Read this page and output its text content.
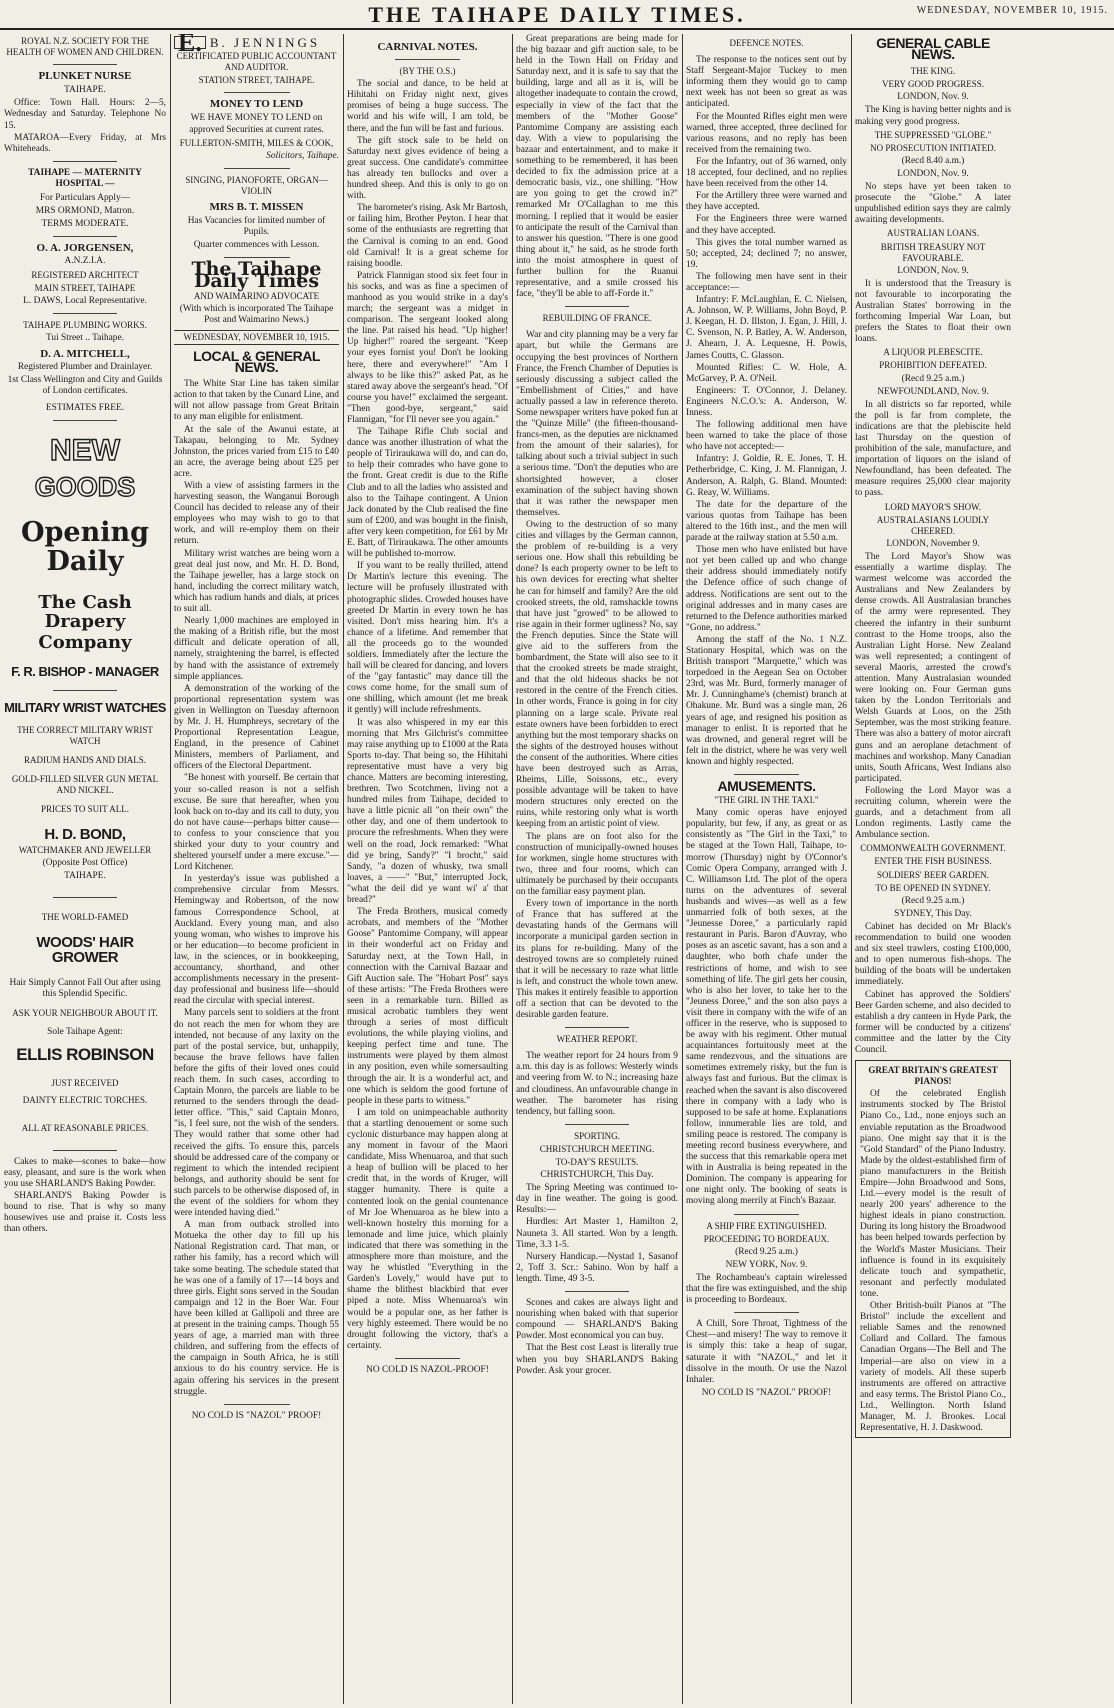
THE TAIHAPE DAILY TIMES.	WEDNESDAY, NOVEMBER 10, 1915.
ROYAL N.Z. SOCIETY FOR THE HEALTH OF WOMEN AND CHILDREN.
PLUNKET NURSE
TAIHAPE.

Office: Town Hall. Hours: 2—5, Wednesday and Saturday. Telephone No 15.

MATAROA—Every Friday, at Mrs Whiteheads.

TAIHAPE — MATERNITY HOSPITAL —
For Particulars Apply—
MRS ORMOND, Matron.
TERMS MODERATE.
O. A. JORGENSEN,
A.N.Z.I.A.
REGISTERED ARCHITECT
MAIN STREET, TAIHAPE
L. DAWS, Local Representative.
TAIHAPE PLUMBING WORKS.
Tui Street .. Taihape.
D. A. MITCHELL,
Registered Plumber and Drainlayer.
1st Class Wellington and City and Guilds of London certificates.
ESTIMATES FREE.
NEW
GOODS
Opening Daily
The Cash Drapery
Company
F. R. BISHOP - MANAGER
MILITARY WRIST WATCHES
THE CORRECT MILITARY WRIST WATCH
RADIUM HANDS AND DIALS.
GOLD-FILLED SILVER GUN METAL AND NICKEL.
PRICES TO SUIT ALL.
H. D. BOND,
WATCHMAKER AND JEWELLER
(Opposite Post Office)
TAIHAPE.
THE WORLD-FAMED
WOODS' HAIR GROWER
Hair Simply Cannot Fall Out after using this Splendid Specific.
ASK YOUR NEIGHBOUR ABOUT IT.
Sole Taihape Agent:
ELLIS ROBINSON
JUST RECEIVED
DAINTY ELECTRIC TORCHES.
ALL AT REASONABLE PRICES.

Cakes to make—scones to bake—how easy, pleasant, and sure is the work when you use SHARLAND'S Baking Powder.

SHARLAND'S Baking Powder is bound to rise. That is why so many housewives use and praise it. Costs less than others.

E. B. JENNINGS
CERTIFICATED PUBLIC ACCOUNTANT AND AUDITOR.
STATION STREET, TAIHAPE.
MONEY TO LEND
WE HAVE MONEY TO LEND on approved Securities at current rates.
FULLERTON-SMITH, MILES & COOK,
Solicitors, Taihape.
SINGING, PIANOFORTE, ORGAN—VIOLIN
MRS B. T. MISSEN
Has Vacancies for limited number of Pupils.
Quarter commences with Lesson.
The Taihape Daily Times
AND WAIMARINO ADVOCATE
(With which is incorporated The Taihape Post and Waimarino News.)
WEDNESDAY, NOVEMBER 10, 1915.
LOCAL & GENERAL NEWS.

The White Star Line has taken similar action to that taken by the Cunard Line, and will not allow passage from Great Britain to any man eligible for enlistment.

At the sale of the Awanui estate, at Takapau, belonging to Mr. Sydney Johnston, the prices varied from £15 to £40 an acre, the average being about £25 per acre.

With a view of assisting farmers in the harvesting season, the Wanganui Borough Council has decided to release any of their employees who may wish to go to that work, and will re-employ them on their return.

Military wrist watches are being worn a great deal just now, and Mr. H. D. Bond, the Taihape jeweller, has a large stock on hand, including the correct military watch, which has radium hands and dials, at prices to suit all.

Nearly 1,000 machines are employed in the making of a British rifle, but the most difficult and delicate operation of all, namely, straightening the barrel, is effected by hand with the assistance of extremely simple appliances.

A demonstration of the working of the proportional representation system was given in Wellington on Tuesday afternoon by Mr. J. H. Humphreys, secretary of the Proportional Representation League, England, in the presence of Cabinet Ministers, members of Parliament, and officers of the Electoral Department.

"Be honest with yourself. Be certain that your so-called reason is not a selfish excuse. Be sure that hereafter, when you look back on to-day and its call to duty, you do not have cause—perhaps bitter cause—to confess to your conscience that you shirked your duty to your country and sheltered yourself under a mere excuse."—Lord Kitchener.

In yesterday's issue was published a comprehensive circular from Messrs. Hemingway and Robertson, of the now famous Correspondence School, at Auckland. Every young man, and also young woman, who wishes to improve his or her education—to become proficient in law, in the sciences, or in bookkeeping, accountancy, shorthand, and other accomplishments necessary in the present-day professional and business life—should read the circular with special interest.

Many parcels sent to soldiers at the front do not reach the men for whom they are intended, not because of any laxity on the part of the postal service, but, unhappily, because the brave fellows have fallen before the gifts of their loved ones could reach them. In such cases, according to Captain Monro, the parcels are liable to be returned to the senders through the dead-letter office. "This," said Captain Monro, "is, I feel sure, not the wish of the senders. They would rather that some other had received the gifts. To ensure this, parcels should be addressed care of the company or regiment to which the intended recipient belongs, and authority should be sent for such parcels to be otherwise disposed of, in the event of the soldiers for whom they were intended having died."

A man from outback strolled into Motueka the other day to fill up his National Registration card. That man, or rather his family, has a record which will take some beating. The schedule stated that he was one of a family of 17—14 boys and three girls. Eight sons served in the Soudan campaign and 12 in the Boer War. Four have been killed at Gallipoli and three are at present in the training camps. Though 55 years of age, a married man with three children, and suffering from the effects of the campaign in South Africa, he is still anxious to do his country service. He is again offering his services in the present struggle.

NO COLD IS "NAZOL" PROOF!
CARNIVAL NOTES.
(BY THE O.S.)

The social and dance, to be held at Hihitahi on Friday night next, gives promises of being a huge success. The world and his wife will, I am told, be there, and the fun will be fast and furious.

The gift stock sale to be held on Saturday next gives evidence of being a great success. One candidate's committee has already ten bullocks and over a hundred sheep. And this is only to go on with.

The barometer's rising. Ask Mr Bartosh, or failing him, Brother Peyton. I hear that some of the enthusiasts are regretting that the Carnival is coming to an end. Good old Carnival! It is a great scheme for raising boodle.

Patrick Flannigan stood six feet four in his socks, and was as fine a specimen of manhood as you would strike in a day's march; the sergeant was a midget in comparison. The sergeant looked along the line. Pat raised his head. "Up higher! Up higher!" roared the sergeant. "Keep your eyes fornist you! Don't be looking here, there and everywhere!" "Am I always to be like this?" asked Pat, as he stared away above the sergeant's head. "Of course you have!" exclaimed the sergeant. "Then good-bye, sergeant," said Flannigan, "for I'll never see you again."

The Taihape Rifle Club social and dance was another illustration of what the people of Tiriraukawa will do, and can do, to help their comrades who have gone to the front. Great credit is due to the Rifle Club and to all the ladies who assisted and also to the Taihape contingent. A Union Jack donated by the Club realised the fine sum of £200, and was bought in the finish, after very keen competition, for £61 by Mr E. Batt, of Tiriraukawa. The other amounts will be published to-morrow.

If you want to be really thrilled, attend Dr Martin's lecture this evening. The lecture will be profusely illustrated with photographic slides. Crowded houses have greeted Dr Martin in every town he has visited. Don't miss hearing him. It's a chance of a lifetime. And remember that all the proceeds go to the wounded soldiers. Immediately after the lecture the hall will be cleared for dancing, and lovers of the "gay fantastic" may dance till the cows come home, for the small sum of one shilling, which amount (let me break it gently) will include refreshments.

It was also whispered in my ear this morning that Mrs Gilchrist's committee may raise anything up to £1000 at the Rata Sports to-day. That being so, the Hihitahi representative must have a very big chance. Matters are becoming interesting, brethren. Two Scotchmen, living not a hundred miles from Taihape, decided to have a little picnic all "on their own" the other day, and one of them undertook to procure the refreshments. When they were well on the road, Jock remarked: "What did ye bring, Sandy?" "I brocht," said Sandy, "a dozen of whusky, twa small loaves, a ——" "But," interrupted Jock, "what the deil did ye want wi' a' that bread?"

The Freda Brothers, musical comedy acrobats, and members of the "Mother Goose" Pantomime Company, will appear in their wonderful act on Friday and Saturday next, at the Town Hall, in connection with the Carnival Bazaar and Gift Auction sale. The "Hobart Post" says of these artists: "The Freda Brothers were seen in a remarkable turn. Billed as musical acrobatic tumblers they went through a series of most difficult evolutions, the while playing violins, and keeping perfect time and tune. The instruments were played by them almost in any position, even while somersaulting through the air. It is a wonderful act, and one which is seldom the good fortune of people in these parts to witness."

I am told on unimpeachable authority that a startling denouement or some such cyclonic disturbance may happen along at any moment in favour of the Maori candidate, Miss Whenuaroa, and that such a heap of bullion will be placed to her credit that, in the words of Kruger, will stagger humanity. There is quite a contented look on the genial countenance of Mr Joe Whenuaroa as he blew into a well-known hostelry this morning for a lemonade and lime juice, which plainly indicated that there was something in the atmosphere more than moisture, and the way he whistled "Everything in the Garden's Lovely," would have put to shame the blithest blackbird that ever piped a note. Miss Whenuaroa's win would be a popular one, as her father is very highly esteemed. There would be no drought following the victory, that's a certainty.

NO COLD IS NAZOL-PROOF!

Great preparations are being made for the big bazaar and gift auction sale, to be held in the Town Hall on Friday and Saturday next, and it is safe to say that the building, large and all as it is, will be altogether inadequate to contain the crowd, especially in view of the fact that the members of the "Mother Goose" Pantomime Company are assisting each day. With a view to popularising the bazaar and entertainment, and to make it something to be remembered, it has been decided to fix the admission price at a democratic basis, viz., one shilling. "How are you going to get the crowd in?" remarked Mr O'Callaghan to me this morning. I replied that it would be easier to anticipate the result of the Carnival than to answer his question. "There is one good thing about it," he said, as he strode forth into the moist atmosphere in quest of further bullion for the Ruanui representative, and a smile crossed his face, "they'll be able to aff-Forde it."

REBUILDING OF FRANCE.

War and city planning may be a very far apart, but while the Germans are occupying the best provinces of Northern France, the French Chamber of Deputies is seriously discussing a subject called the "Embellishment of Cities," and have actually passed a law in reference thereto. Some newspaper writers have poked fun at the "Quinze Mille" (the fifteen-thousand-francs-men, as the deputies are nicknamed from the amount of their salaries), for talking about such a trivial subject in such a serious time. "Don't the deputies who are shortsighted however, a closer examination of the subject having shown that it was rather the newspaper men themselves.

Owing to the destruction of so many cities and villages by the German cannon, the problem of re-building is a very serious one. How shall this rebuilding be done? Is each property owner to be left to his own devices for erecting what shelter he can for himself and family? Are the old crooked streets, the old, ramshackle towns that have just "growed" to be allowed to rise again in their former ugliness? No, say the French deputies. Since the State will give aid to the sufferers from the bombardment, the State will also see to it that the crooked streets be made straight, and that the old hideous shacks be not restored in the centre of the French cities. In other words, France is going in for city planning on a large scale. Private real estate owners have been forbidden to erect anything but the most temporary shacks on the sights of the destroyed houses without the consent of the authorities. Where cities have been destroyed such as Arras, Rheims, Lille, Soissons, etc., every possible advantage will be taken to have modern structures only erected on the ruins, while restoring only what is worth keeping from an artistic point of view.

The plans are on foot also for the construction of municipally-owned houses for workmen, single home structures with two, three and four rooms, which can ultimately be purchased by their occupants on the familiar easy payment plan.

Every town of importance in the north of France that has suffered at the devastating hands of the Germans will incorporate a municipal garden section in its plans for re-building. Many of the destroyed towns are so completely ruined that it will be necessary to raze what little is left, and construct the whole town anew. This makes it entirely feasible to apportion off a section that can be devoted to the desirable garden feature.

WEATHER REPORT.

The weather report for 24 hours from 9 a.m. this day is as follows: Westerly winds and veering from W. to N.; increasing haze and cloudiness. An unfavourable change in weather. The barometer has rising tendency, but falling soon.

SPORTING.
CHRISTCHURCH MEETING.
TO-DAY'S RESULTS.
CHRISTCHURCH, This Day.

The Spring Meeting was continued to-day in fine weather. The going is good. Results:—

Hurdles: Art Master 1, Hamilton 2, Nauneta 3. All started. Won by a length. Time, 3.3 1-5.

Nursery Handicap.—Nystad 1, Sasanof 2, Toff 3. Scr.: Sabino. Won by half a length. Time, 49 3-5.

Scones and cakes are always light and nourishing when baked with that superior compound — SHARLAND'S Baking Powder. Most economical you can buy.

That the Best cost Least is literally true when you buy SHARLAND'S Baking Powder. Ask your grocer.

DEFENCE NOTES.

The response to the notices sent out by Staff Sergeant-Major Tuckey to men informing them they would go to camp next week has not been so great as was anticipated.

For the Mounted Rifles eight men were warned, three accepted, three declined for various reasons, and no reply has been received from the remaining two.

For the Infantry, out of 36 warned, only 18 accepted, four declined, and no replies have been received from the other 14.

For the Artillery three were warned and they have accepted.

For the Engineers three were warned and they have accepted.

This gives the total number warned as 50; accepted, 24; declined 7; no answer, 19.

The following men have sent in their acceptance:—

Infantry: F. McLaughlan, E. C. Nielsen, A. Johnson, W. P. Williams, John Boyd, P. J. Keegan, H. D. Illston, J. Egan, J. Hill, J. C. Svenson, N. P. Batley, A. W. Anderson, J. Ahearn, J. A. Lequesne, H. Powis, James Coutts, C. Glasson.

Mounted Rifles: C. W. Hole, A. McGarvey, P. A. O'Neil.

Engineers: T. O'Connor, J. Delaney. Engineers N.C.O.'s: A. Anderson, W. Inness.

The following additional men have been warned to take the place of those who have not accepted:—

Infantry: J. Goldie, R. E. Jones, T. H. Petherbridge, C. King, J. M. Flannigan, J. Anderson, A. Ralph, G. Bland. Mounted: G. Reay, W. Williams.

The date for the departure of the various quotas from Taihape has been altered to the 16th inst., and the men will parade at the railway station at 5.50 a.m.

Those men who have enlisted but have not yet been called up and who change their address should immediately notify the Defence office of such change of address. Notifications are sent out to the original addresses and in many cases are returned to the Defence authorities marked "Gone, no address."

Among the staff of the No. 1 N.Z. Stationary Hospital, which was on the British transport "Marquette," which was torpedoed in the Aegean Sea on October 23rd, was Mr. Burd, formerly manager of Mr. J. Cunninghame's (chemist) branch at Ohakune. Mr. Burd was a single man, 26 years of age, and resigned his position as manager to enlist. It is reported that he was drowned, and general regret will be felt in the district, where he was very well known and highly respected.

AMUSEMENTS.
"THE GIRL IN THE TAXI."

Many comic operas have enjoyed popularity, but few, if any, as great or as consistently as "The Girl in the Taxi," to be staged at the Town Hall, Taihape, to-morrow (Thursday) night by O'Connor's Comic Opera Company, arranged with J. C. Williamson Ltd. The plot of the opera turns on the adventures of several husbands and wives—as well as a few unmarried folk of both sexes, at the "Jeunesse Doree," a particularly rapid restaurant in Paris. Baron d'Auvray, who poses as an ascetic savant, has a son and a daughter, who both chafe under the restrictions of home, and wish to see something of life. The girl gets her cousin, who is also her lover, to take her to the "Jeuness Doree," and the son also pays a visit there in company with the wife of an officer in the reserve, who is supposed to be away with his regiment. Other mutual acquaintances fortuitously meet at the same rendezvous, and the situations are sometimes extremely risky, but the fun is always fast and furious. But the climax is reached when the savant is also discovered there in company with a lady who is supposed to be safe at home. Explanations follow, innumerable lies are told, and smiling peace is restored. The company is meeting record business everywhere, and the success that this remarkable opera met with in Australia is being repeated in the Dominion. The company is appearing for one night only. The booking of seats is moving along merrily at Finch's Bazaar.

A SHIP FIRE EXTINGUISHED.
PROCEEDING TO BORDEAUX.
(Recd 9.25 a.m.)
NEW YORK, Nov. 9.

The Rochambeau's captain wirelessed that the fire was extinguished, and the ship is proceeding to Bordeaux.

A Chill, Sore Throat, Tightness of the Chest—and misery! The way to remove it is simply this: take a heap of sugar, saturate it with "NAZOL," and let it dissolve in the mouth. Or use the Nazol Inhaler.

NO COLD IS "NAZOL" PROOF!
GENERAL CABLE NEWS.
THE KING.
VERY GOOD PROGRESS.
LONDON, Nov. 9.

The King is having better nights and is making very good progress.

THE SUPPRESSED "GLOBE."
NO PROSECUTION INITIATED.
(Recd 8.40 a.m.)
LONDON, Nov. 9.

No steps have yet been taken to prosecute the "Globe." A later unpublished edition says they are calmly awaiting developments.

AUSTRALIAN LOANS.
BRITISH TREASURY NOT FAVOURABLE.
LONDON, Nov. 9.

It is understood that the Treasury is not favourable to incorporating the Australian States' borrowing in the forthcoming Imperial War Loan, but prefers the States to float their own loans.

A LIQUOR PLEBESCITE.
PROHIBITION DEFEATED.
(Recd 9.25 a.m.)
NEWFOUNDLAND, Nov. 9.

In all districts so far reported, while the poll is far from complete, the indications are that the plebiscite held last Thursday on the question of prohibition of the sale, manufacture, and importation of liquors on the island of Newfoundland, has been defeated. The measure requires 25,000 clear majority to pass.

LORD MAYOR'S SHOW.
AUSTRALASIANS LOUDLY CHEERED.
LONDON, November 9.

The Lord Mayor's Show was essentially a wartime display. The warmest welcome was accorded the Australians and New Zealanders by dense crowds. All Australasian branches of the army were represented. They cheered the infantry in their sunburnt contrast to the Home troops, also the Australian Light Horse. New Zealand was well represented; a contingent of several Maoris, arrested the crowd's attention. Many Australasian wounded were looking on. Four German guns taken by the London Territorials and Welsh Guards at Loos, on the 25th September, was the most striking feature. There was also a battery of motor aircraft guns and an aeroplane detachment of machines and workshop. Many Canadian units, South Africans, West Indians also participated.

Following the Lord Mayor was a recruiting column, wherein were the guards, and a detachment from all London regiments. Lastly came the Ambulance section.

COMMONWEALTH GOVERNMENT.
ENTER THE FISH BUSINESS.
SOLDIERS' BEER GARDEN.
TO BE OPENED IN SYDNEY.
(Recd 9.25 a.m.)
SYDNEY, This Day.

Cabinet has decided on Mr Black's recommendation to build one wooden and six steel trawlers, costing £100,000, and to open numerous fish-shops. The building of the boats will be undertaken immediately.

Cabinet has approved the Soldiers' Beer Garden scheme, and also decided to establish a dry canteen in Hyde Park, the former will be conducted by a citizens' committee and the latter by the City Council.

GREAT BRITAIN'S GREATEST PIANOS!

Of the celebrated English instruments stocked by The Bristol Piano Co., Ltd., none enjoys such an enviable reputation as the Broadwood piano. One might say that it is the "Gold Standard" of the Piano Industry. Made by the oldest-established firm of piano manufacturers in the British Empire—John Broadwood and Sons, Ltd.—every model is the result of nearly 200 years' adherence to the highest ideals in piano construction. During its long history the Broadwood has been helped towards perfection by the World's Master Musicians. Their influence is found in its exquisitely delicate touch and sympathetic, resonant and perfectly modulated tone.

Other British-built Pianos at "The Bristol" include the excellent and reliable Sames and the renowned Collard and Collard. The famous Canadian Organs—The Bell and The Imperial—are also on view in a variety of models. All these superb instruments are offered on attractive and easy terms. The Bristol Piano Co., Ltd., Wellington. North Island Manager, M. J. Brookes. Local Representative, H. J. Daskwood.
